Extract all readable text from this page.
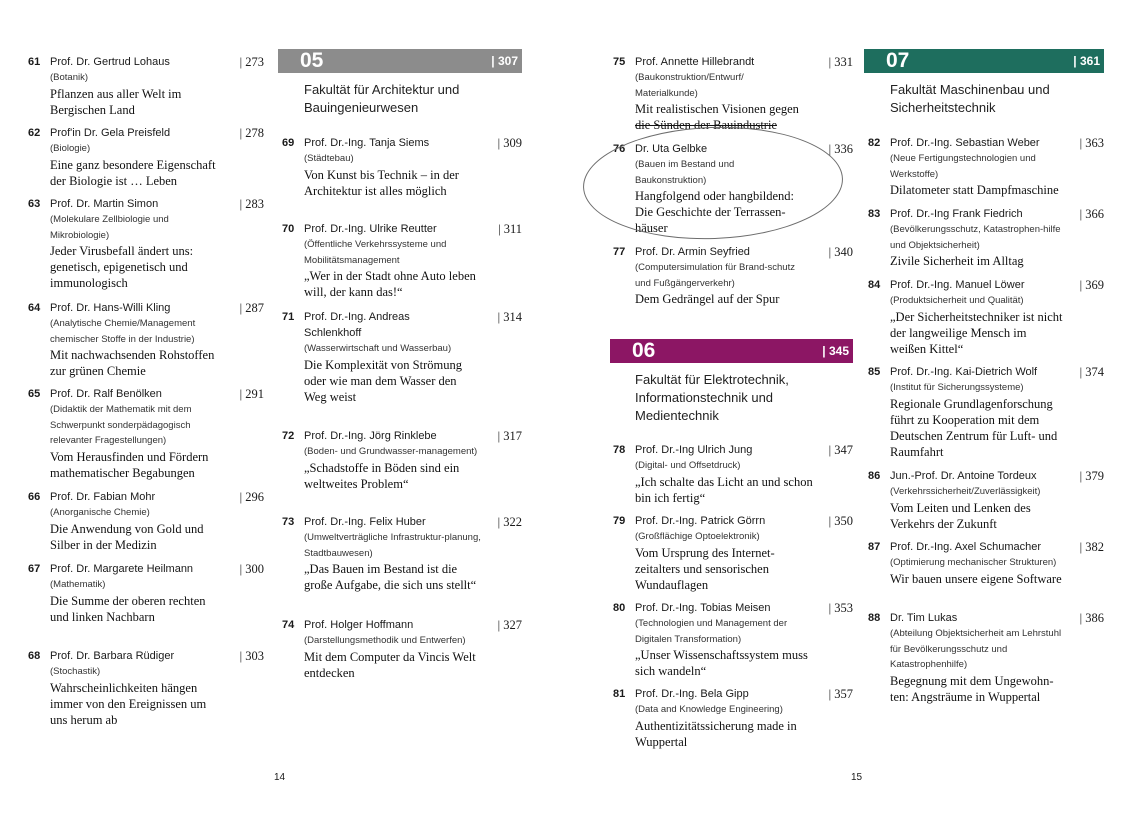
61 Prof. Dr. Gertrud Lohaus
(Botanik)
Pflanzen aus aller Welt im Bergischen Land
| 273
62 Prof'in Dr. Gela Preisfeld
(Biologie)
Eine ganz besondere Eigenschaft der Biologie ist … Leben
| 278
63 Prof. Dr. Martin Simon
(Molekulare Zellbiologie und Mikrobiologie)
Jeder Virusbefall ändert uns: genetisch, epigenetisch und immunologisch
| 283
64 Prof. Dr. Hans-Willi Kling
(Analytische Chemie/Management chemischer Stoffe in der Industrie)
Mit nachwachsenden Rohstoffen zur grünen Chemie
| 287
65 Prof. Dr. Ralf Benölken
(Didaktik der Mathematik mit dem Schwerpunkt sonderpädagogisch relevanter Fragestellungen)
Vom Herausfinden und Fördern mathematischer Begabungen
| 291
66 Prof. Dr. Fabian Mohr
(Anorganische Chemie)
Die Anwendung von Gold und Silber in der Medizin
| 296
67 Prof. Dr. Margarete Heilmann
(Mathematik)
Die Summe der oberen rechten und linken Nachbarn
| 300
68 Prof. Dr. Barbara Rüdiger
(Stochastik)
Wahrscheinlichkeiten hängen immer von den Ereignissen um uns herum ab
| 303
05	| 307
Fakultät für Architektur und Bauingenieurwesen
69 Prof. Dr.-Ing. Tanja Siems
(Städtebau)
Von Kunst bis Technik – in der Architektur ist alles möglich
| 309
70 Prof. Dr.-Ing. Ulrike Reutter
(Öffentliche Verkehrssysteme und Mobilitätsmanagement
„Wer in der Stadt ohne Auto leben will, der kann das!“
| 311
71 Prof. Dr.-Ing. Andreas Schlenkhoff
(Wasserwirtschaft und Wasserbau)
Die Komplexität von Strömung oder wie man dem Wasser den Weg weist
| 314
72 Prof. Dr.-Ing. Jörg Rinklebe
(Boden- und Grundwasser-management)
„Schadstoffe in Böden sind ein weltweites Problem“
| 317
73 Prof. Dr.-Ing. Felix Huber
(Umweltverträgliche Infrastruktur-planung, Stadtbauwesen)
„Das Bauen im Bestand ist die große Aufgabe, die sich uns stellt“
| 322
74 Prof. Holger Hoffmann
(Darstellungsmethodik und Entwerfen)
Mit dem Computer da Vincis Welt entdecken
| 327
14
75 Prof. Annette Hillebrandt
(Baukonstruktion/Entwurf/ Materialkunde)
Mit realistischen Visionen gegen
die Sünden der Bauindustrie
| 331
76 Dr. Uta Gelbke
(Bauen im Bestand und Baukonstruktion)
Hangfolgend oder hangbildend: Die Geschichte der Terrassen-häuser
| 336
77 Prof. Dr. Armin Seyfried
(Computersimulation für Brand-schutz und Fußgängerverkehr)
Dem Gedrängel auf der Spur
| 340
06	| 345
Fakultät für Elektrotechnik, Informationstechnik und Medientechnik
78 Prof. Dr.-Ing Ulrich Jung
(Digital- und Offsetdruck)
„Ich schalte das Licht an und schon bin ich fertig“
| 347
79 Prof. Dr.-Ing. Patrick Görrn
(Großflächige Optoelektronik)
Vom Ursprung des Internet-zeitalters und sensorischen Wundauflagen
| 350
80 Prof. Dr.-Ing. Tobias Meisen
(Technologien und Management der Digitalen Transformation)
„Unser Wissenschaftssystem muss sich wandeln“
| 353
81 Prof. Dr.-Ing. Bela Gipp
(Data and Knowledge Engineering)
Authentizitätssicherung made in Wuppertal
| 357
07	| 361
Fakultät Maschinenbau und Sicherheitstechnik
82 Prof. Dr.-Ing. Sebastian Weber
(Neue Fertigungstechnologien und Werkstoffe)
Dilatometer statt Dampfmaschine
| 363
83 Prof. Dr.-Ing Frank Fiedrich
(Bevölkerungsschutz, Katastrophen-hilfe und Objektsicherheit)
Zivile Sicherheit im Alltag
| 366
84 Prof. Dr.-Ing. Manuel Löwer
(Produktsicherheit und Qualität)
„Der Sicherheitstechniker ist nicht der langweilige Mensch im weißen Kittel“
| 369
85 Prof. Dr.-Ing. Kai-Dietrich Wolf
(Institut für Sicherungssysteme)
Regionale Grundlagenforschung führt zu Kooperation mit dem Deutschen Zentrum für Luft- und Raumfahrt
| 374
86 Jun.-Prof. Dr. Antoine Tordeux
(Verkehrssicherheit/Zuverlässigkeit)
Vom Leiten und Lenken des Verkehrs der Zukunft
| 379
87 Prof. Dr.-Ing. Axel Schumacher
(Optimierung mechanischer Strukturen)
Wir bauen unsere eigene Software
| 382
88 Dr. Tim Lukas
(Abteilung Objektsicherheit am Lehrstuhl für Bevölkerungsschutz und Katastrophenhilfe)
Begegnung mit dem Ungewohn-ten: Angsträume in Wuppertal
| 386
15
